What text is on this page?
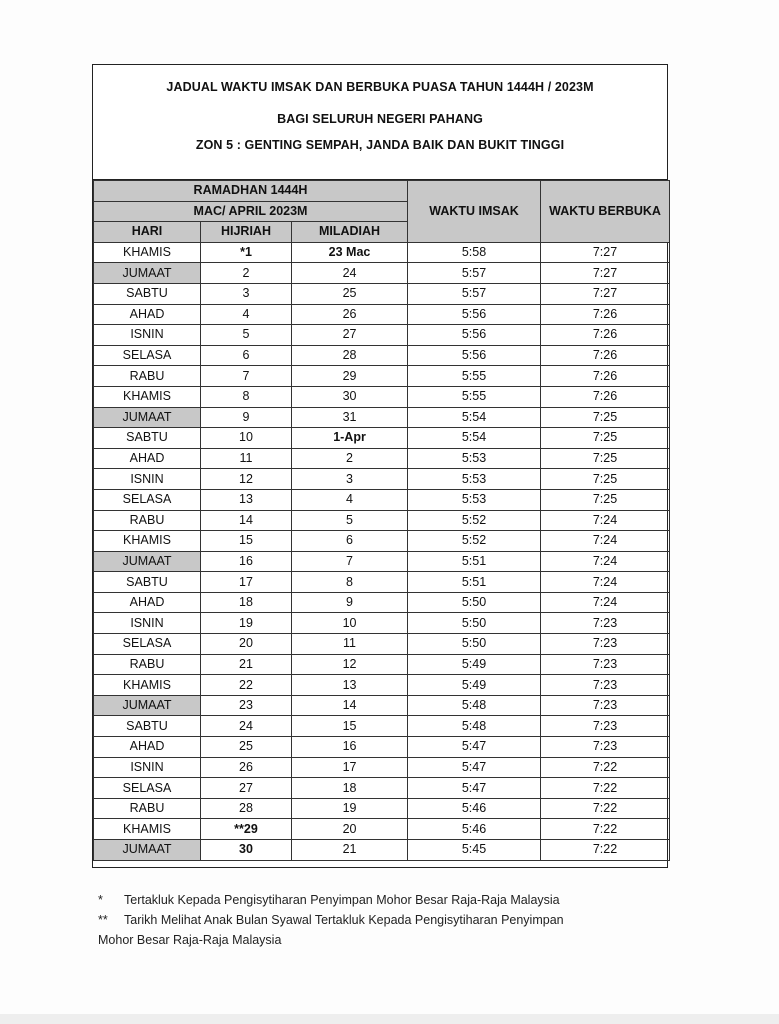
JADUAL WAKTU IMSAK DAN BERBUKA PUASA TAHUN 1444H / 2023M
BAGI SELURUH NEGERI PAHANG
ZON 5 : GENTING SEMPAH, JANDA BAIK DAN BUKIT TINGGI
RAMADHAN 1444H			WAKTU IMSAK	WAKTU BERBUKA
MAC/ APRIL 2023M				
HARI	HIJRIAH	MILADIAH		
KHAMIS	*1	23 Mac	5:58	7:27
JUMAAT	2	24	5:57	7:27
SABTU	3	25	5:57	7:27
AHAD	4	26	5:56	7:26
ISNIN	5	27	5:56	7:26
SELASA	6	28	5:56	7:26
RABU	7	29	5:55	7:26
KHAMIS	8	30	5:55	7:26
JUMAAT	9	31	5:54	7:25
SABTU	10	1-Apr	5:54	7:25
AHAD	11	2	5:53	7:25
ISNIN	12	3	5:53	7:25
SELASA	13	4	5:53	7:25
RABU	14	5	5:52	7:24
KHAMIS	15	6	5:52	7:24
JUMAAT	16	7	5:51	7:24
SABTU	17	8	5:51	7:24
AHAD	18	9	5:50	7:24
ISNIN	19	10	5:50	7:23
SELASA	20	11	5:50	7:23
RABU	21	12	5:49	7:23
KHAMIS	22	13	5:49	7:23
JUMAAT	23	14	5:48	7:23
SABTU	24	15	5:48	7:23
AHAD	25	16	5:47	7:23
ISNIN	26	17	5:47	7:22
SELASA	27	18	5:47	7:22
RABU	28	19	5:46	7:22
KHAMIS	**29	20	5:46	7:22
JUMAAT	30	21	5:45	7:22
* Tertakluk Kepada Pengisytiharan Penyimpan Mohor Besar Raja-Raja Malaysia
** Tarikh Melihat Anak Bulan Syawal Tertakluk Kepada Pengisytiharan Penyimpan
Mohor Besar Raja-Raja Malaysia
